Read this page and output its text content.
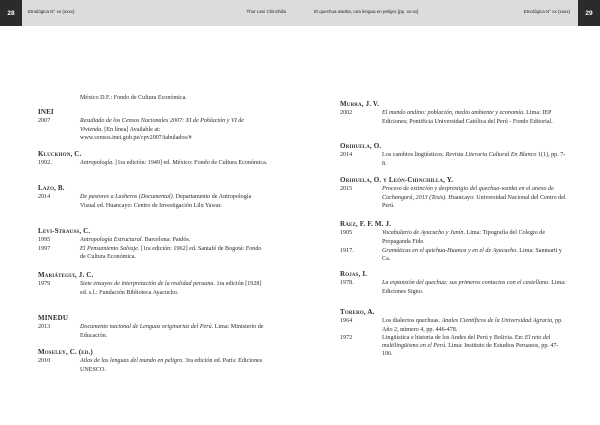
28	Etnológica N° xx (xxxx)	Thor Lexi Chinchilla
México D.F.: Fondo de Cultura Económica.
INEI
2007	Resultado de los Censos Nacionales 2007: XI de Población y VI de Vivienda. [En línea] Available at: www.censos.inei.gob.pe/cpv2007/tabulados/#
Kluckhon, C.
1992.	Antropología. [1ra edición: 1949] ed. México: Fondo de Cultura Económica.
Lazo, B.
2014	De pastores a Lasheros (Documental). Departamento de Antropología Visual ed. Huancayo: Centro de Investigación Lilu Yawar.
Levi-Strauss, C.
1995	Antropología Estructural. Barcelona: Paidós.
1997	El Pensamiento Salvaje. [1ra edición: 1962] ed. Santafé de Bogotá: Fondo de Cultura Económica.
Mariátegui, J. C.
1979	Siete ensayos de interpretación de la realidad peruana. 1ra edición [1928] ed. s.l.: Fundación Biblioteca Ayacucho.
MINEDU
2013	Documento nacional de Lenguas originarias del Perú. Lima: Ministerio de Educación.
Moseley, C. (ed.)
2010	Atlas de las lenguas del mundo en peligro. 3ra edición ed. París: Ediciones UNESCO.
El quechua wanka, una lengua en peligro [pp. xx-xx]	Etnológica N° xx (xxxx)	29
Murra, J. V.
2002	El mundo andino: población, medio ambiente y economía. Lima: IEP Ediciones; Pontificia Universidad Católica del Perú - Fondo Editorial.
Orihuela, O.
2014	Los cambios lingüísticos. Revista Literaria Cultural En Blanco 1(1), pp. 7-8.
Orihuela, O. y León-Chinchilla, Y.
2015	Proceso de extinción y desprestigio del quechua-wanka en el anexo de Cochangará, 2013 (Tesis). Huancayo: Universidad Nacional del Centro del Perú.
Ráez, F. F. M. J.
1905	Vocabulario de Ayacucho y Junín. Lima: Tipografía del Colegio de Propaganda Fide.
1917.	Gramáticas en el quichua-Huanca y en el de Ayacucho. Lima: Sanmarti y Ca.
Rojas, I.
1978.	La expansión del quechua: sus primeros contactos con el castellano. Lima: Ediciones Signo.
Torero, A.
1964	Los dialectos quechuas. Anales Científicos de la Universidad Agraria, pp. Año 2, número 4, pp. 446-478.
1972	Lingüística e historia de los Andes del Perú y Bolivia. En: El reto del multilingüismo en el Perú. Lima: Instituto de Estudios Peruanos, pp. 47-106.
